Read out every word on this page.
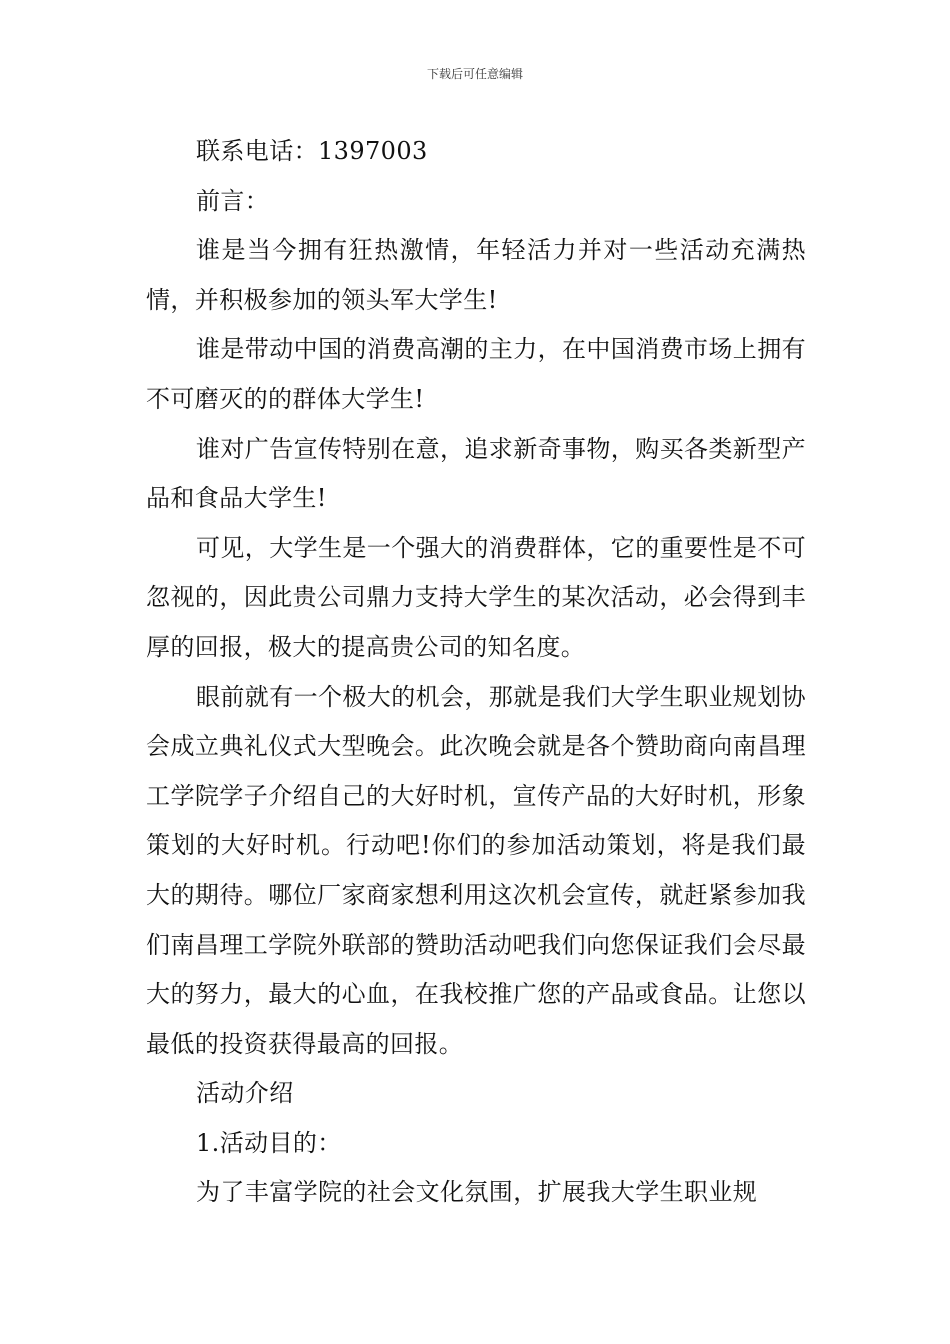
下载后可任意编辑

联系电话：1397003

前言：

谁是当今拥有狂热激情，年轻活力并对一些活动充满热情，并积极参加的领头军大学生!

谁是带动中国的消费高潮的主力，在中国消费市场上拥有不可磨灭的的群体大学生!

谁对广告宣传特别在意，追求新奇事物，购买各类新型产品和食品大学生!

可见，大学生是一个强大的消费群体，它的重要性是不可忽视的，因此贵公司鼎力支持大学生的某次活动，必会得到丰厚的回报，极大的提高贵公司的知名度。

眼前就有一个极大的机会，那就是我们大学生职业规划协会成立典礼仪式大型晚会。此次晚会就是各个赞助商向南昌理工学院学子介绍自己的大好时机，宣传产品的大好时机，形象策划的大好时机。行动吧!你们的参加活动策划，将是我们最大的期待。哪位厂家商家想利用这次机会宣传，就赶紧参加我们南昌理工学院外联部的赞助活动吧我们向您保证我们会尽最大的努力，最大的心血，在我校推广您的产品或食品。让您以最低的投资获得最高的回报。

活动介绍

1.活动目的：

为了丰富学院的社会文化氛围，扩展我大学生职业规
